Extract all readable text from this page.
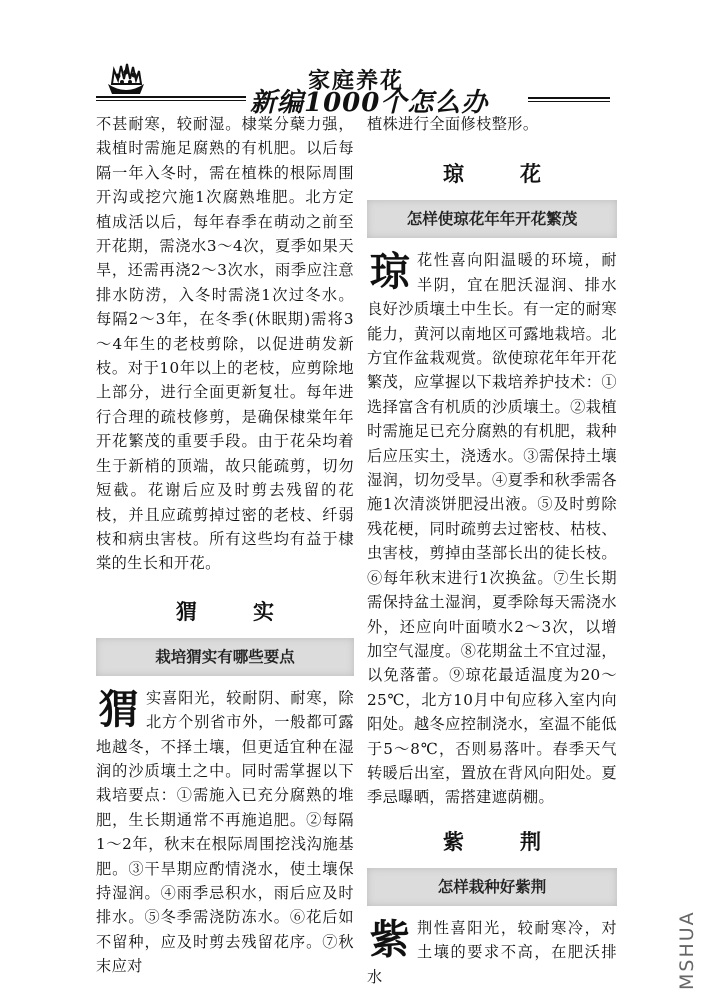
家庭养花
新编1000个怎么办

不甚耐寒，较耐湿。棣棠分蘖力强，栽植时需施足腐熟的有机肥。以后每隔一年入冬时，需在植株的根际周围开沟或挖穴施1次腐熟堆肥。北方定植成活以后，每年春季在萌动之前至开花期，需浇水3～4次，夏季如果天旱，还需再浇2～3次水，雨季应注意排水防涝，入冬时需浇1次过冬水。每隔2～3年，在冬季(休眠期)需将3～4年生的老枝剪除，以促进萌发新枝。对于10年以上的老枝，应剪除地上部分，进行全面更新复壮。每年进行合理的疏枝修剪，是确保棣棠年年开花繁茂的重要手段。由于花朵均着生于新梢的顶端，故只能疏剪，切勿短截。花谢后应及时剪去残留的花枝，并且应疏剪掉过密的老枝、纤弱枝和病虫害枝。所有这些均有益于棣棠的生长和开花。

猬实
栽培猬实有哪些要点

猬实喜阳光，较耐阴、耐寒，除北方个别省市外，一般都可露地越冬，不择土壤，但更适宜种在湿润的沙质壤土之中。同时需掌握以下栽培要点：①需施入已充分腐熟的堆肥，生长期通常不再施追肥。②每隔1～2年，秋末在根际周围挖浅沟施基肥。③干旱期应酌情浇水，使土壤保持湿润。④雨季忌积水，雨后应及时排水。⑤冬季需浇防冻水。⑥花后如不留种，应及时剪去残留花序。⑦秋末应对

植株进行全面修枝整形。

琼花
怎样使琼花年年开花繁茂

琼花性喜向阳温暖的环境，耐半阴，宜在肥沃湿润、排水良好沙质壤土中生长。有一定的耐寒能力，黄河以南地区可露地栽培。北方宜作盆栽观赏。欲使琼花年年开花繁茂，应掌握以下栽培养护技术：①选择富含有机质的沙质壤土。②栽植时需施足已充分腐熟的有机肥，栽种后应压实土，浇透水。③需保持土壤湿润，切勿受旱。④夏季和秋季需各施1次清淡饼肥浸出液。⑤及时剪除残花梗，同时疏剪去过密枝、枯枝、虫害枝，剪掉由茎部长出的徒长枝。⑥每年秋末进行1次换盆。⑦生长期需保持盆土湿润，夏季除每天需浇水外，还应向叶面喷水2～3次，以增加空气湿度。⑧花期盆土不宜过湿，以免落蕾。⑨琼花最适温度为20～25℃，北方10月中旬应移入室内向阳处。越冬应控制浇水，室温不能低于5～8℃，否则易落叶。春季天气转暖后出室，置放在背风向阳处。夏季忌曝晒，需搭建遮荫棚。

紫荆
怎样栽种好紫荆

紫荆性喜阳光，较耐寒冷，对土壤的要求不高，在肥沃排水	MSHUA
